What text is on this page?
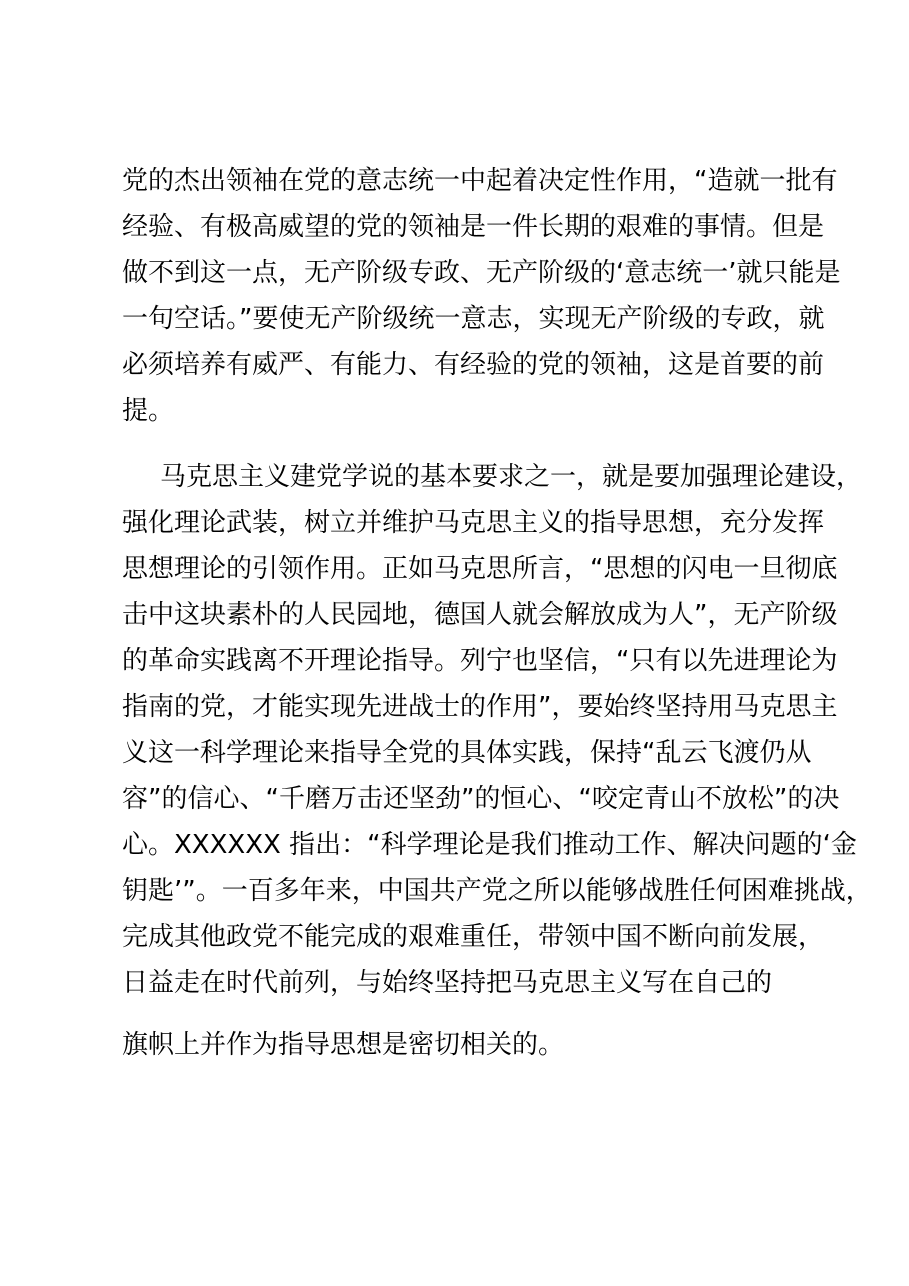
党的杰出领袖在党的意志统一中起着决定性作用，“造就一批有
经验、有极高威望的党的领袖是一件长期的艰难的事情。但是
做不到这一点，无产阶级专政、无产阶级的‘意志统一’就只能是
一句空话。”要使无产阶级统一意志，实现无产阶级的专政，就
必须培养有威严、有能力、有经验的党的领袖，这是首要的前
提。
马克思主义建党学说的基本要求之一，就是要加强理论建设，
强化理论武装，树立并维护马克思主义的指导思想，充分发挥
思想理论的引领作用。正如马克思所言，“思想的闪电一旦彻底
击中这块素朴的人民园地，德国人就会解放成为人”，无产阶级
的革命实践离不开理论指导。列宁也坚信，“只有以先进理论为
指南的党，才能实现先进战士的作用”，要始终坚持用马克思主
义这一科学理论来指导全党的具体实践，保持“乱云飞渡仍从
容”的信心、“千磨万击还坚劲”的恒心、“咬定青山不放松”的决
心。XXXXXX 指出：“科学理论是我们推动工作、解决问题的‘金
钥匙’”。一百多年来，中国共产党之所以能够战胜任何困难挑战，
完成其他政党不能完成的艰难重任，带领中国不断向前发展，
日益走在时代前列，与始终坚持把马克思主义写在自己的
旗帜上并作为指导思想是密切相关的。
